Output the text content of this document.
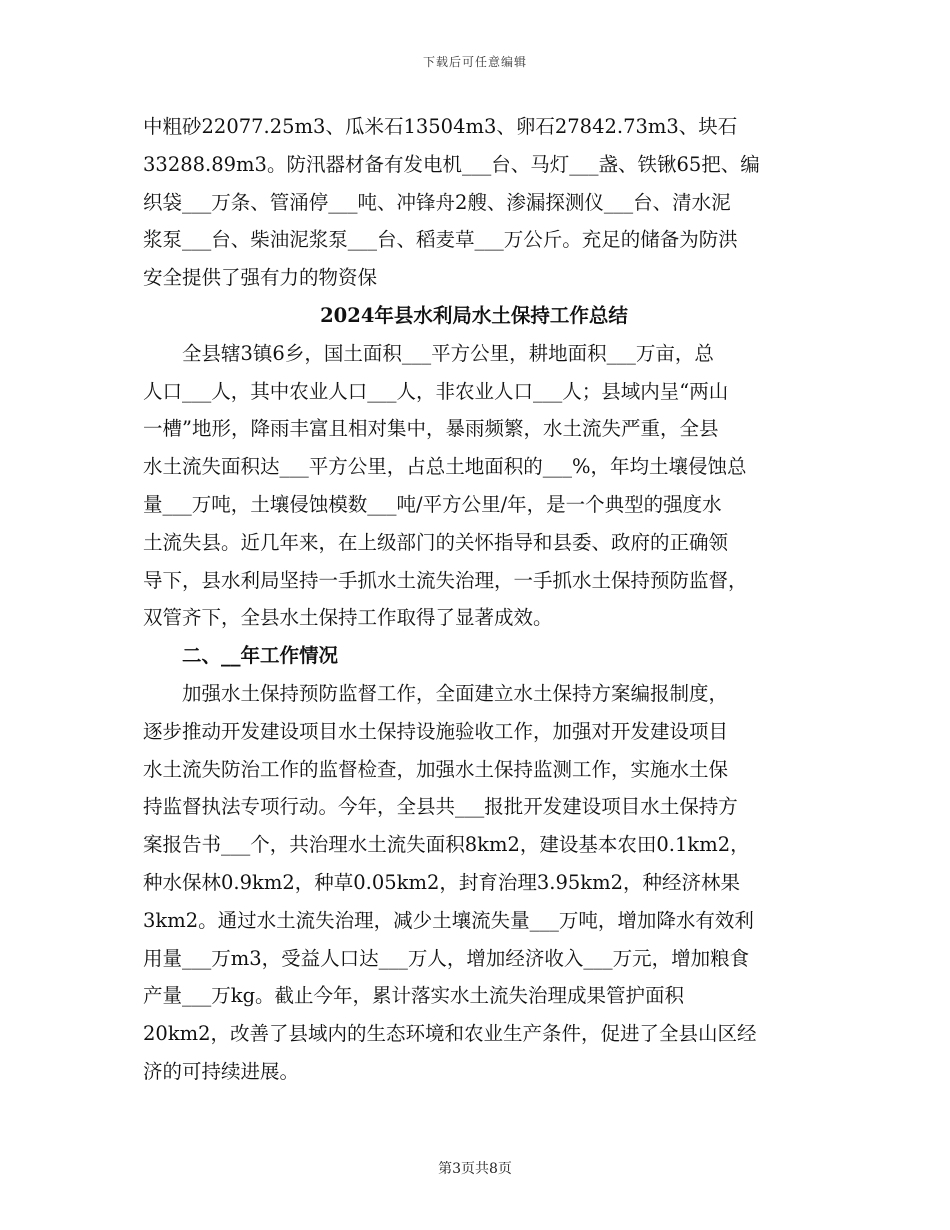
下载后可任意编辑
中粗砂22077.25m3、瓜米石13504m3、卵石27842.73m3、块石
33288.89m3。防汛器材备有发电机___台、马灯___盏、铁锹65把、编
织袋___万条、管涌停___吨、冲锋舟2艘、渗漏探测仪___台、清水泥
浆泵___台、柴油泥浆泵___台、稻麦草___万公斤。充足的储备为防洪
安全提供了强有力的物资保
2024年县水利局水土保持工作总结
全县辖3镇6乡，国土面积___平方公里，耕地面积___万亩，总
人口___人，其中农业人口___人，非农业人口___人；县域内呈“两山
一槽”地形，降雨丰富且相对集中，暴雨频繁，水土流失严重，全县
水土流失面积达___平方公里，占总土地面积的___%，年均土壤侵蚀总
量___万吨，土壤侵蚀模数___吨/平方公里/年，是一个典型的强度水
土流失县。近几年来，在上级部门的关怀指导和县委、政府的正确领
导下，县水利局坚持一手抓水土流失治理，一手抓水土保持预防监督，
双管齐下，全县水土保持工作取得了显著成效。
二、__年工作情况
加强水土保持预防监督工作，全面建立水土保持方案编报制度，
逐步推动开发建设项目水土保持设施验收工作，加强对开发建设项目
水土流失防治工作的监督检查，加强水土保持监测工作，实施水土保
持监督执法专项行动。今年，全县共___报批开发建设项目水土保持方
案报告书___个，共治理水土流失面积8km2，建设基本农田0.1km2，
种水保林0.9km2，种草0.05km2，封育治理3.95km2，种经济林果
3km2。通过水土流失治理，减少土壤流失量___万吨，增加降水有效利
用量___万m3，受益人口达___万人，增加经济收入___万元，增加粮食
产量___万kg。截止今年，累计落实水土流失治理成果管护面积
20km2，改善了县域内的生态环境和农业生产条件，促进了全县山区经
济的可持续进展。
第3页共8页
